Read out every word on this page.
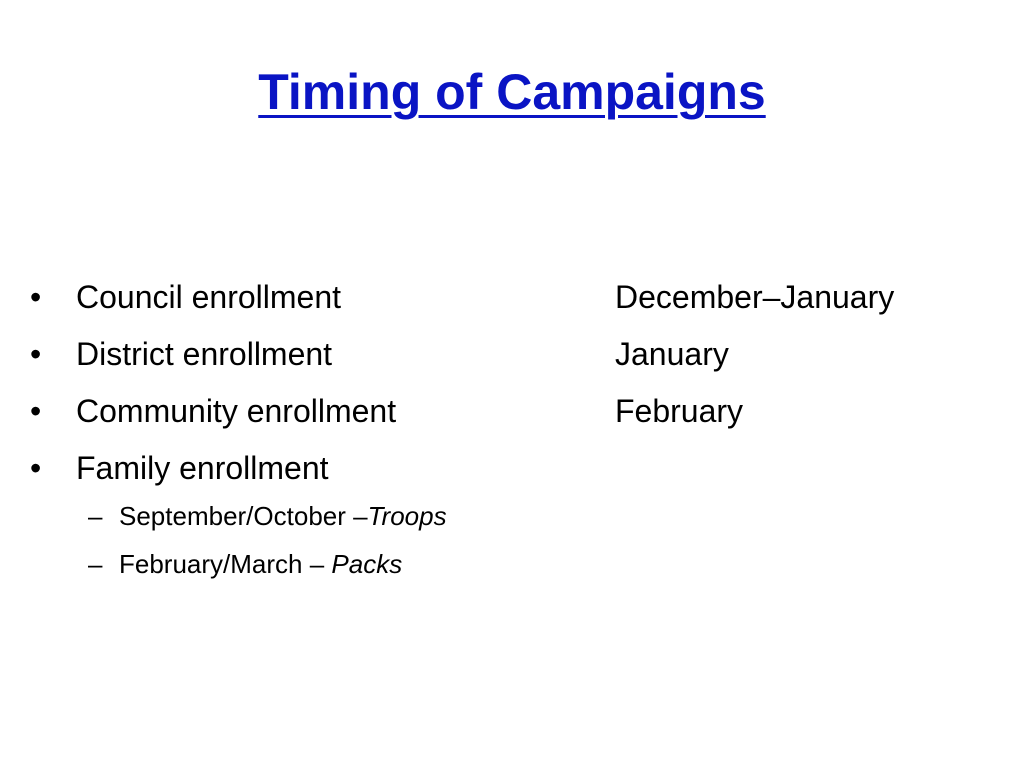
Timing of Campaigns
•	Council enrollment	December–January
•	District enrollment	January
•	Community enrollment	February
•	Family enrollment
– September/October –Troops
– February/March – Packs
